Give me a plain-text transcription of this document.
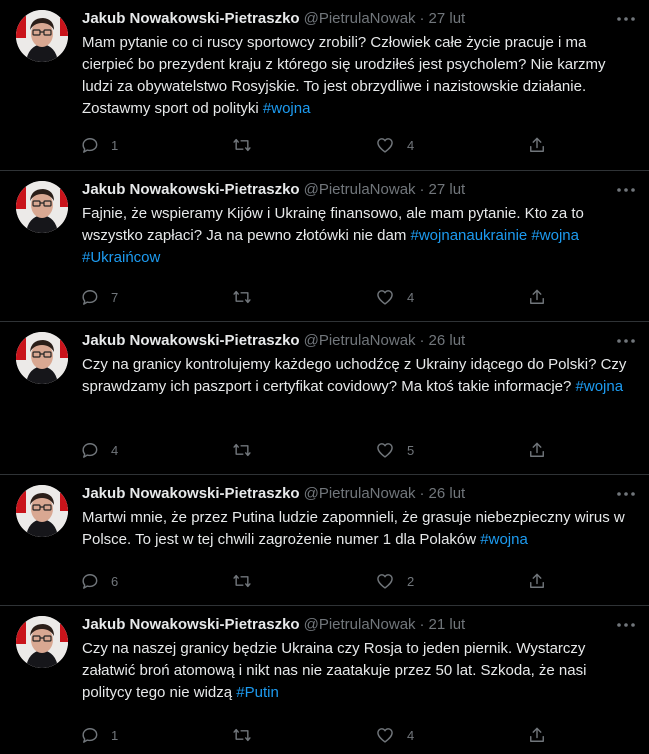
Jakub Nowakowski-Pietraszko @PietrulaNowak · 27 lut
Mam pytanie co ci ruscy sportowcy zrobili? Człowiek całe życie pracuje i ma cierpieć bo prezydent kraju z którego się urodziłeś jest psycholem? Nie karzmy ludzi za obywatelstwo Rosyjskie. To jest obrzydliwe i nazistowskie działanie. Zostawmy sport od polityki #wojna
1	4
Jakub Nowakowski-Pietraszko @PietrulaNowak · 27 lut
Fajnie, że wspieramy Kijów i Ukrainę finansowo, ale mam pytanie. Kto za to wszystko zapłaci? Ja na pewno złotówki nie dam #wojnanaukrainie #wojna #Ukraińcow
7	4
Jakub Nowakowski-Pietraszko @PietrulaNowak · 26 lut
Czy na granicy kontrolujemy każdego uchodźcę z Ukrainy idącego do Polski? Czy sprawdzamy ich paszport i certyfikat covidowy? Ma ktoś takie informacje? #wojna
4	5
Jakub Nowakowski-Pietraszko @PietrulaNowak · 26 lut
Martwi mnie, że przez Putina ludzie zapomnieli, że grasuje niebezpieczny wirus w Polsce. To jest w tej chwili zagrożenie numer 1 dla Polaków #wojna
6	2
Jakub Nowakowski-Pietraszko @PietrulaNowak · 21 lut
Czy na naszej granicy będzie Ukraina czy Rosja to jeden piernik. Wystarczy załatwić broń atomową i nikt nas nie zaatakuje przez 50 lat. Szkoda, że nasi politycy tego nie widzą #Putin
1	4
